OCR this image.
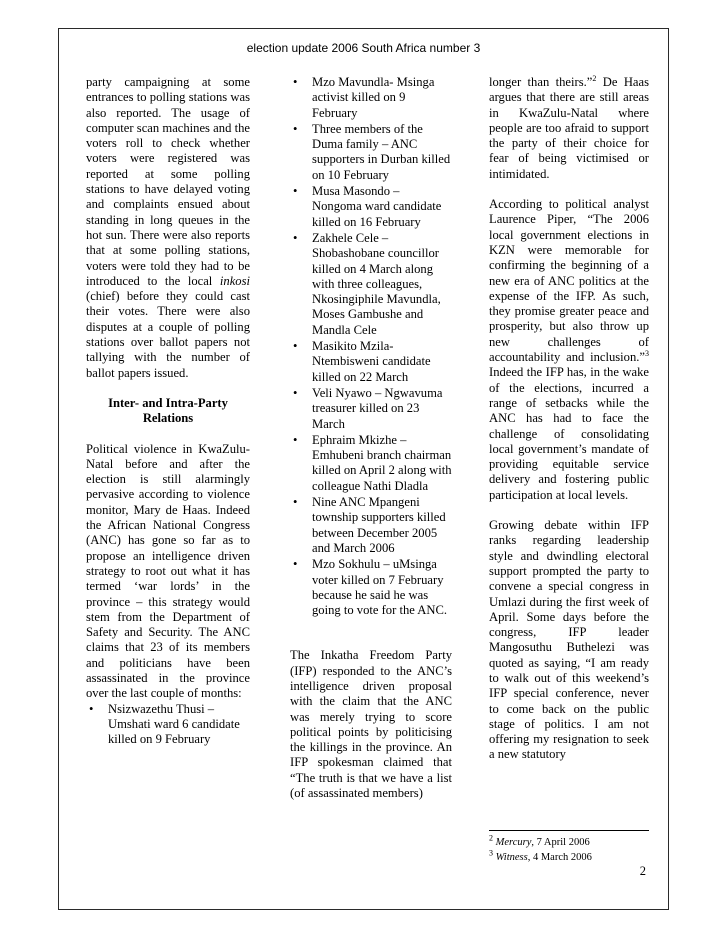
election update 2006 South Africa number 3

party campaigning at some entrances to polling stations was also reported. The usage of computer scan machines and the voters roll to check whether voters were registered was reported at some polling stations to have delayed voting and complaints ensued about standing in long queues in the hot sun. There were also reports that at some polling stations, voters were told they had to be introduced to the local inkosi (chief) before they could cast their votes. There were also disputes at a couple of polling stations over ballot papers not tallying with the number of ballot papers issued.

Inter- and Intra-Party Relations

Political violence in KwaZulu-Natal before and after the election is still alarmingly pervasive according to violence monitor, Mary de Haas. Indeed the African National Congress (ANC) has gone so far as to propose an intelligence driven strategy to root out what it has termed ‘war lords’ in the province – this strategy would stem from the Department of Safety and Security. The ANC claims that 23 of its members and politicians have been assassinated in the province over the last couple of months:

• Nsizwazethu Thusi – Umshati ward 6 candidate killed on 9 February
• Mzo Mavundla- Msinga activist killed on 9 February
• Three members of the Duma family – ANC supporters in Durban killed on 10 February
• Musa Masondo – Nongoma ward candidate killed on 16 February
• Zakhele Cele – Shobashobane councillor killed on 4 March along with three colleagues, Nkosingiphile Mavundla, Moses Gambushe and Mandla Cele
• Masikito Mzila-Ntembisweni candidate killed on 22 March
• Veli Nyawo – Ngwavuma treasurer killed on 23 March
• Ephraim Mkizhe – Emhubeni branch chairman killed on April 2 along with colleague Nathi Dladla
• Nine ANC Mpangeni township supporters killed between December 2005 and March 2006
• Mzo Sokhulu – uMsinga voter killed on 7 February because he said he was going to vote for the ANC.

The Inkatha Freedom Party (IFP) responded to the ANC’s intelligence driven proposal with the claim that the ANC was merely trying to score political points by politicising the killings in the province. An IFP spokesman claimed that “The truth is that we have a list (of assassinated members)

longer than theirs.”$^2$ De Haas argues that there are still areas in KwaZulu-Natal where people are too afraid to support the party of their choice for fear of being victimised or intimidated.

According to political analyst Laurence Piper, “The 2006 local government elections in KZN were memorable for confirming the beginning of a new era of ANC politics at the expense of the IFP. As such, they promise greater peace and prosperity, but also throw up new challenges of accountability and inclusion.”$^3$ Indeed the IFP has, in the wake of the elections, incurred a range of setbacks while the ANC has had to face the challenge of consolidating local government’s mandate of providing equitable service delivery and fostering public participation at local levels.

Growing debate within IFP ranks regarding leadership style and dwindling electoral support prompted the party to convene a special congress in Umlazi during the first week of April. Some days before the congress, IFP leader Mangosuthu Buthelezi was quoted as saying, “I am ready to walk out of this weekend’s IFP special conference, never to come back on the public stage of politics. I am not offering my resignation to seek a new statutory

$^2$ Mercury, 7 April 2006
$^3$ Witness, 4 March 2006
2
